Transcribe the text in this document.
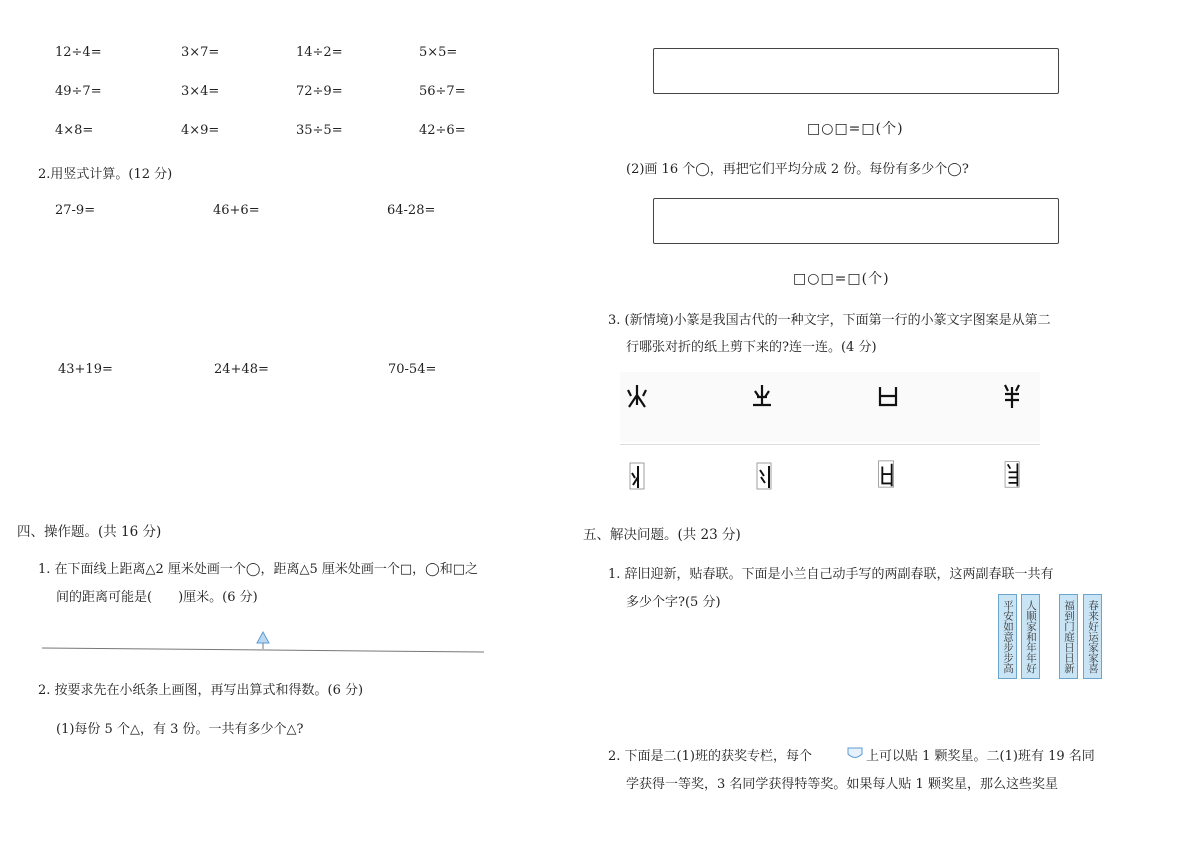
12÷4=	3×7=	14÷2=	5×5=
49÷7=	3×4=	72÷9=	56÷7=
4×8=	4×9=	35÷5=	42÷6=
2.用竖式计算。(12 分)
27-9=	46+6=	64-28=
43+19=	24+48=	70-54=
四、操作题。(共 16 分)
1. 在下面线上距离△2 厘米处画一个◯，距离△5 厘米处画一个□，◯和□之
间的距离可能是(　　)厘米。(6 分)
2. 按要求先在小纸条上画图，再写出算式和得数。(6 分)
(1)每份 5 个△，有 3 份。一共有多少个△?
□○□=□(个)
(2)画 16 个◯，再把它们平均分成 2 份。每份有多少个◯?
□○□=□(个)
3. (新情境)小篆是我国古代的一种文字，下面第一行的小篆文字图案是从第二
行哪张对折的纸上剪下来的?连一连。(4 分)
五、解决问题。(共 23 分)
1. 辞旧迎新，贴春联。下面是小兰自己动手写的两副春联，这两副春联一共有
多少个字?(5 分)	平安如意步步高	人顺家和年年好	福到门庭日日新	春来好运家家喜
2. 下面是二(1)班的获奖专栏，每个	上可以贴 1 颗奖星。二(1)班有 19 名同
学获得一等奖，3 名同学获得特等奖。如果每人贴 1 颗奖星，那么这些奖星
